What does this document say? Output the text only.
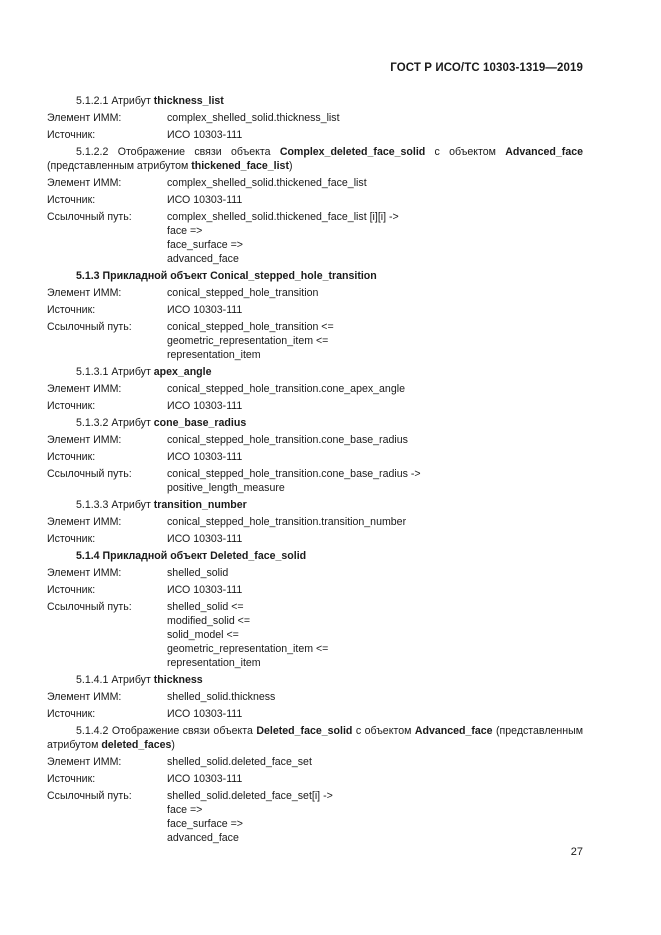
ГОСТ Р ИСО/ТС 10303-1319—2019
5.1.2.1 Атрибут thickness_list
Элемент ИММ:	complex_shelled_solid.thickness_list
Источник:	ИСО 10303-111
5.1.2.2 Отображение связи объекта Complex_deleted_face_solid с объектом Advanced_face (представленным атрибутом thickened_face_list)
Элемент ИММ:	complex_shelled_solid.thickened_face_list
Источник:	ИСО 10303-111
Ссылочный путь:	complex_shelled_solid.thickened_face_list [i][i] ->
face =>
face_surface =>
advanced_face
5.1.3 Прикладной объект Conical_stepped_hole_transition
Элемент ИММ:	conical_stepped_hole_transition
Источник:	ИСО 10303-111
Ссылочный путь:	conical_stepped_hole_transition <=
geometric_representation_item <=
representation_item
5.1.3.1 Атрибут apex_angle
Элемент ИММ:	conical_stepped_hole_transition.cone_apex_angle
Источник:	ИСО 10303-111
5.1.3.2 Атрибут cone_base_radius
Элемент ИММ:	conical_stepped_hole_transition.cone_base_radius
Источник:	ИСО 10303-111
Ссылочный путь:	conical_stepped_hole_transition.cone_base_radius ->
positive_length_measure
5.1.3.3 Атрибут transition_number
Элемент ИММ:	conical_stepped_hole_transition.transition_number
Источник:	ИСО 10303-111
5.1.4 Прикладной объект Deleted_face_solid
Элемент ИММ:	shelled_solid
Источник:	ИСО 10303-111
Ссылочный путь:	shelled_solid <=
modified_solid <=
solid_model <=
geometric_representation_item <=
representation_item
5.1.4.1 Атрибут thickness
Элемент ИММ:	shelled_solid.thickness
Источник:	ИСО 10303-111
5.1.4.2 Отображение связи объекта Deleted_face_solid с объектом Advanced_face (представленным атрибутом deleted_faces)
Элемент ИММ:	shelled_solid.deleted_face_set
Источник:	ИСО 10303-111
Ссылочный путь:	shelled_solid.deleted_face_set[i] ->
face =>
face_surface =>
advanced_face
27
